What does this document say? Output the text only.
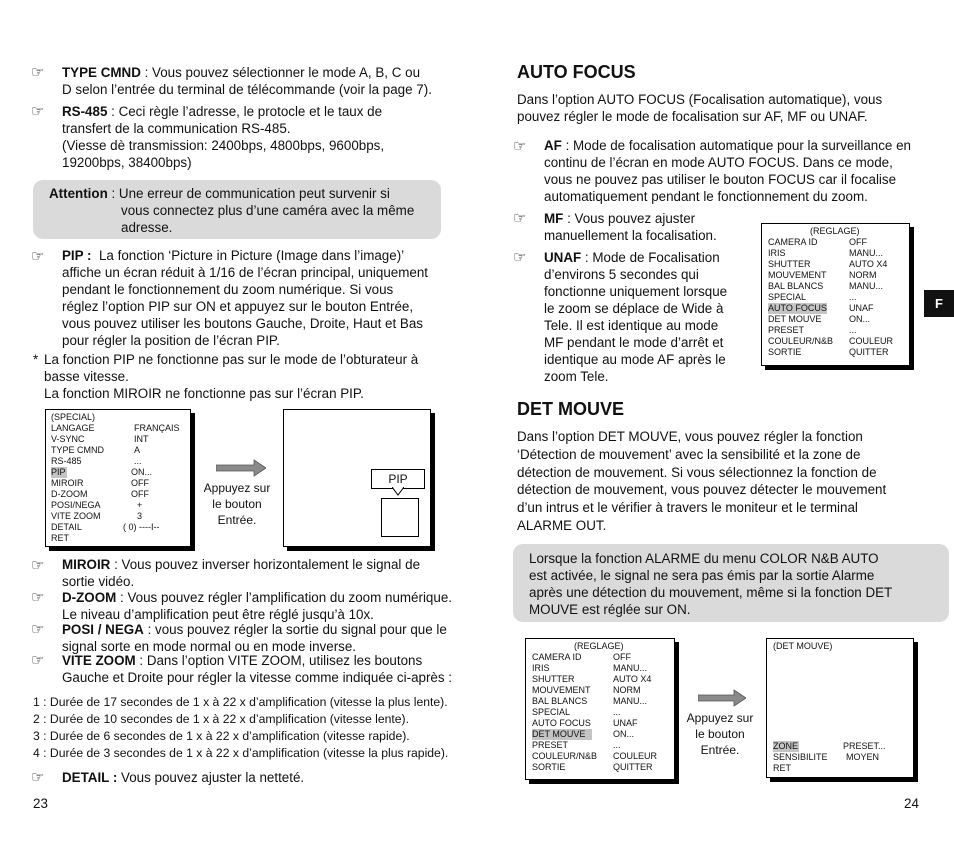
☞ TYPE CMND : Vous pouvez sélectionner le mode A, B, C ou
D selon l’entrée du terminal de télécommande (voir la page 7).
☞ RS-485 : Ceci règle l’adresse, le protocle et le taux de
transfert de la communication RS-485.
(Viesse dè transmission: 2400bps, 4800bps, 9600bps,
19200bps, 38400bps)
Attention : Une erreur de communication peut survenir si
vous connectez plus d’une caméra avec la même
adresse.
☞ PIP : La fonction ‘Picture in Picture (Image dans l’image)’
affiche un écran réduit à 1/16 de l’écran principal, uniquement
pendant le fonctionnement du zoom numérique. Si vous
réglez l’option PIP sur ON et appuyez sur le bouton Entrée,
vous pouvez utiliser les boutons Gauche, Droite, Haut et Bas
pour régler la position de l’écran PIP.
* La fonction PIP ne fonctionne pas sur le mode de l’obturateur à
basse vitesse.
La fonction MIROIR ne fonctionne pas sur l’écran PIP.
(SPECIAL)
LANGAGE	FRANÇAIS
V-SYNC	INT
TYPE CMND	A
RS-485	...
PIP	ON...
MIROIR	OFF
D-ZOOM	OFF
POSI/NEGA	+
VITE ZOOM	3
DETAIL	( 0) ----I--
RET
Appuyez sur
le bouton
Entrée.
PIP
☞ MIROIR : Vous pouvez inverser horizontalement le signal de
sortie vidéo.
☞ D-ZOOM : Vous pouvez régler l’amplification du zoom numérique.
Le niveau d’amplification peut être réglé jusqu’à 10x.
☞ POSI / NEGA : vous pouvez régler la sortie du signal pour que le
signal sorte en mode normal ou en mode inverse.
☞ VITE ZOOM : Dans l’option VITE ZOOM, utilisez les boutons
Gauche et Droite pour régler la vitesse comme indiquée ci-après :
1 : Durée de 17 secondes de 1 x à 22 x d’amplification (vitesse la plus lente).
2 : Durée de 10 secondes de 1 x à 22 x d’amplification (vitesse lente).
3 : Durée de 6 secondes de 1 x à 22 x d’amplification (vitesse rapide).
4 : Durée de 3 secondes de 1 x à 22 x d’amplification (vitesse la plus rapide).
☞ DETAIL : Vous pouvez ajuster la netteté.
23
AUTO FOCUS
Dans l’option AUTO FOCUS (Focalisation automatique), vous
pouvez régler le mode de focalisation sur AF, MF ou UNAF.
☞ AF : Mode de focalisation automatique pour la surveillance en
continu de l’écran en mode AUTO FOCUS. Dans ce mode,
vous ne pouvez pas utiliser le bouton FOCUS car il focalise
automatiquement pendant le fonctionnement du zoom.
☞ MF : Vous pouvez ajuster
manuellement la focalisation.
☞ UNAF : Mode de Focalisation
d’environs 5 secondes qui
fonctionne uniquement lorsque
le zoom se déplace de Wide à
Tele. Il est identique au mode
MF pendant le mode d’arrêt et
identique au mode AF après le
zoom Tele.
(REGLAGE)
CAMERA ID	OFF
IRIS	MANU...
SHUTTER	AUTO X4
MOUVEMENT	NORM
BAL BLANCS	MANU...
SPECIAL	...
AUTO FOCUS UNAF
DET MOUVE	ON...
PRESET	...
COULEUR/N&B COULEUR
SORTIE	QUITTER
F
DET MOUVE
Dans l’option DET MOUVE, vous pouvez régler la fonction
‘Détection de mouvement’ avec la sensibilité et la zone de
détection de mouvement. Si vous sélectionnez la fonction de
détection de mouvement, vous pouvez détecter le mouvement
d’un intrus et le vérifier à travers le moniteur et le terminal
ALARME OUT.
Lorsque la fonction ALARME du menu COLOR N&B AUTO
est activée, le signal ne sera pas émis par la sortie Alarme
après une détection du mouvement, même si la fonction DET
MOUVE est réglée sur ON.
(REGLAGE)
CAMERA ID	OFF
IRIS	MANU...
SHUTTER	AUTO X4
MOUVEMENT	NORM
BAL BLANCS	MANU...
SPECIAL	...
AUTO FOCUS UNAF
DET MOUVE	ON...
PRESET	...
COULEUR/N&B COULEUR
SORTIE	QUITTER
Appuyez sur
le bouton
Entrée.
(DET MOUVE)
ZONE	PRESET...
SENSIBILITE MOYEN
RET
24
